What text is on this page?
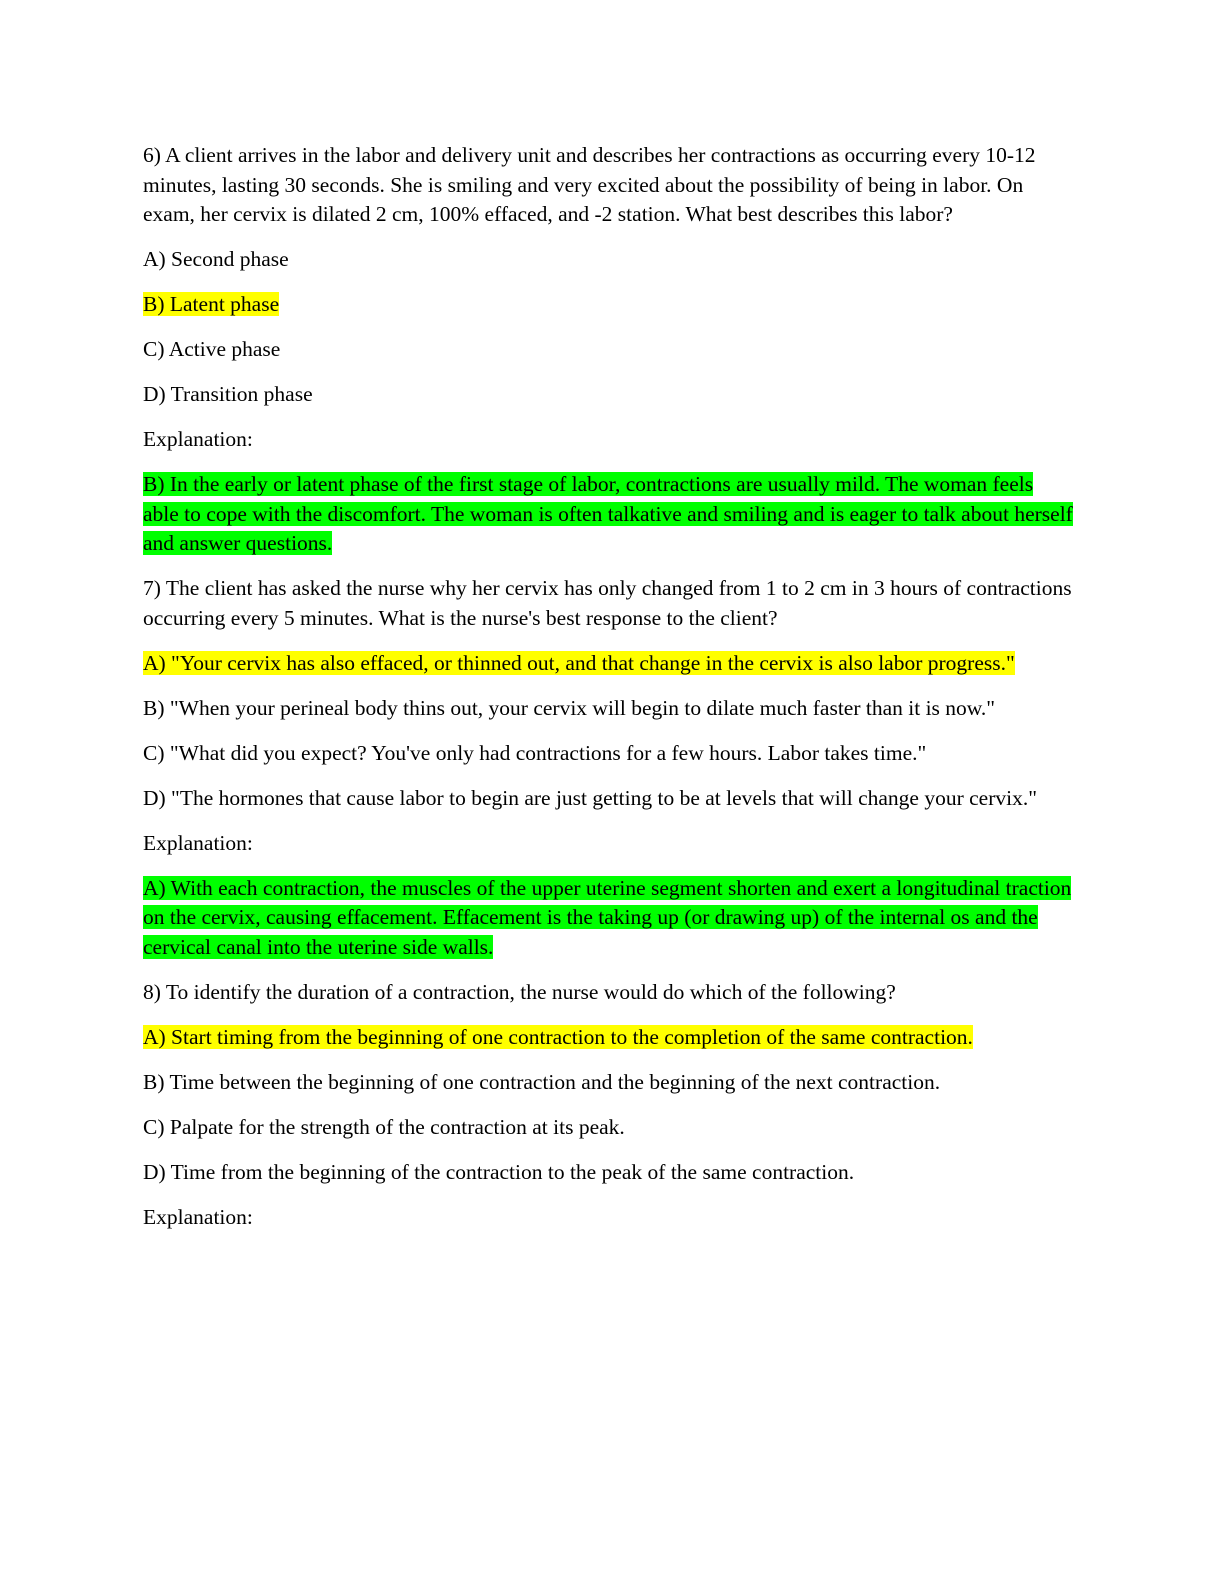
6) A client arrives in the labor and delivery unit and describes her contractions as occurring every 10-12 minutes, lasting 30 seconds. She is smiling and very excited about the possibility of being in labor. On exam, her cervix is dilated 2 cm, 100% effaced, and -2 station. What best describes this labor?

A) Second phase

B) Latent phase

C) Active phase

D) Transition phase

Explanation:

B) In the early or latent phase of the first stage of labor, contractions are usually mild. The woman feels able to cope with the discomfort. The woman is often talkative and smiling and is eager to talk about herself and answer questions.

7) The client has asked the nurse why her cervix has only changed from 1 to 2 cm in 3 hours of contractions occurring every 5 minutes. What is the nurse's best response to the client?

A) "Your cervix has also effaced, or thinned out, and that change in the cervix is also labor progress."

B) "When your perineal body thins out, your cervix will begin to dilate much faster than it is now."

C) "What did you expect? You've only had contractions for a few hours. Labor takes time."

D) "The hormones that cause labor to begin are just getting to be at levels that will change your cervix."

Explanation:

A) With each contraction, the muscles of the upper uterine segment shorten and exert a longitudinal traction on the cervix, causing effacement. Effacement is the taking up (or drawing up) of the internal os and the cervical canal into the uterine side walls.

8) To identify the duration of a contraction, the nurse would do which of the following?

A) Start timing from the beginning of one contraction to the completion of the same contraction.

B) Time between the beginning of one contraction and the beginning of the next contraction.

C) Palpate for the strength of the contraction at its peak.

D) Time from the beginning of the contraction to the peak of the same contraction.

Explanation:
